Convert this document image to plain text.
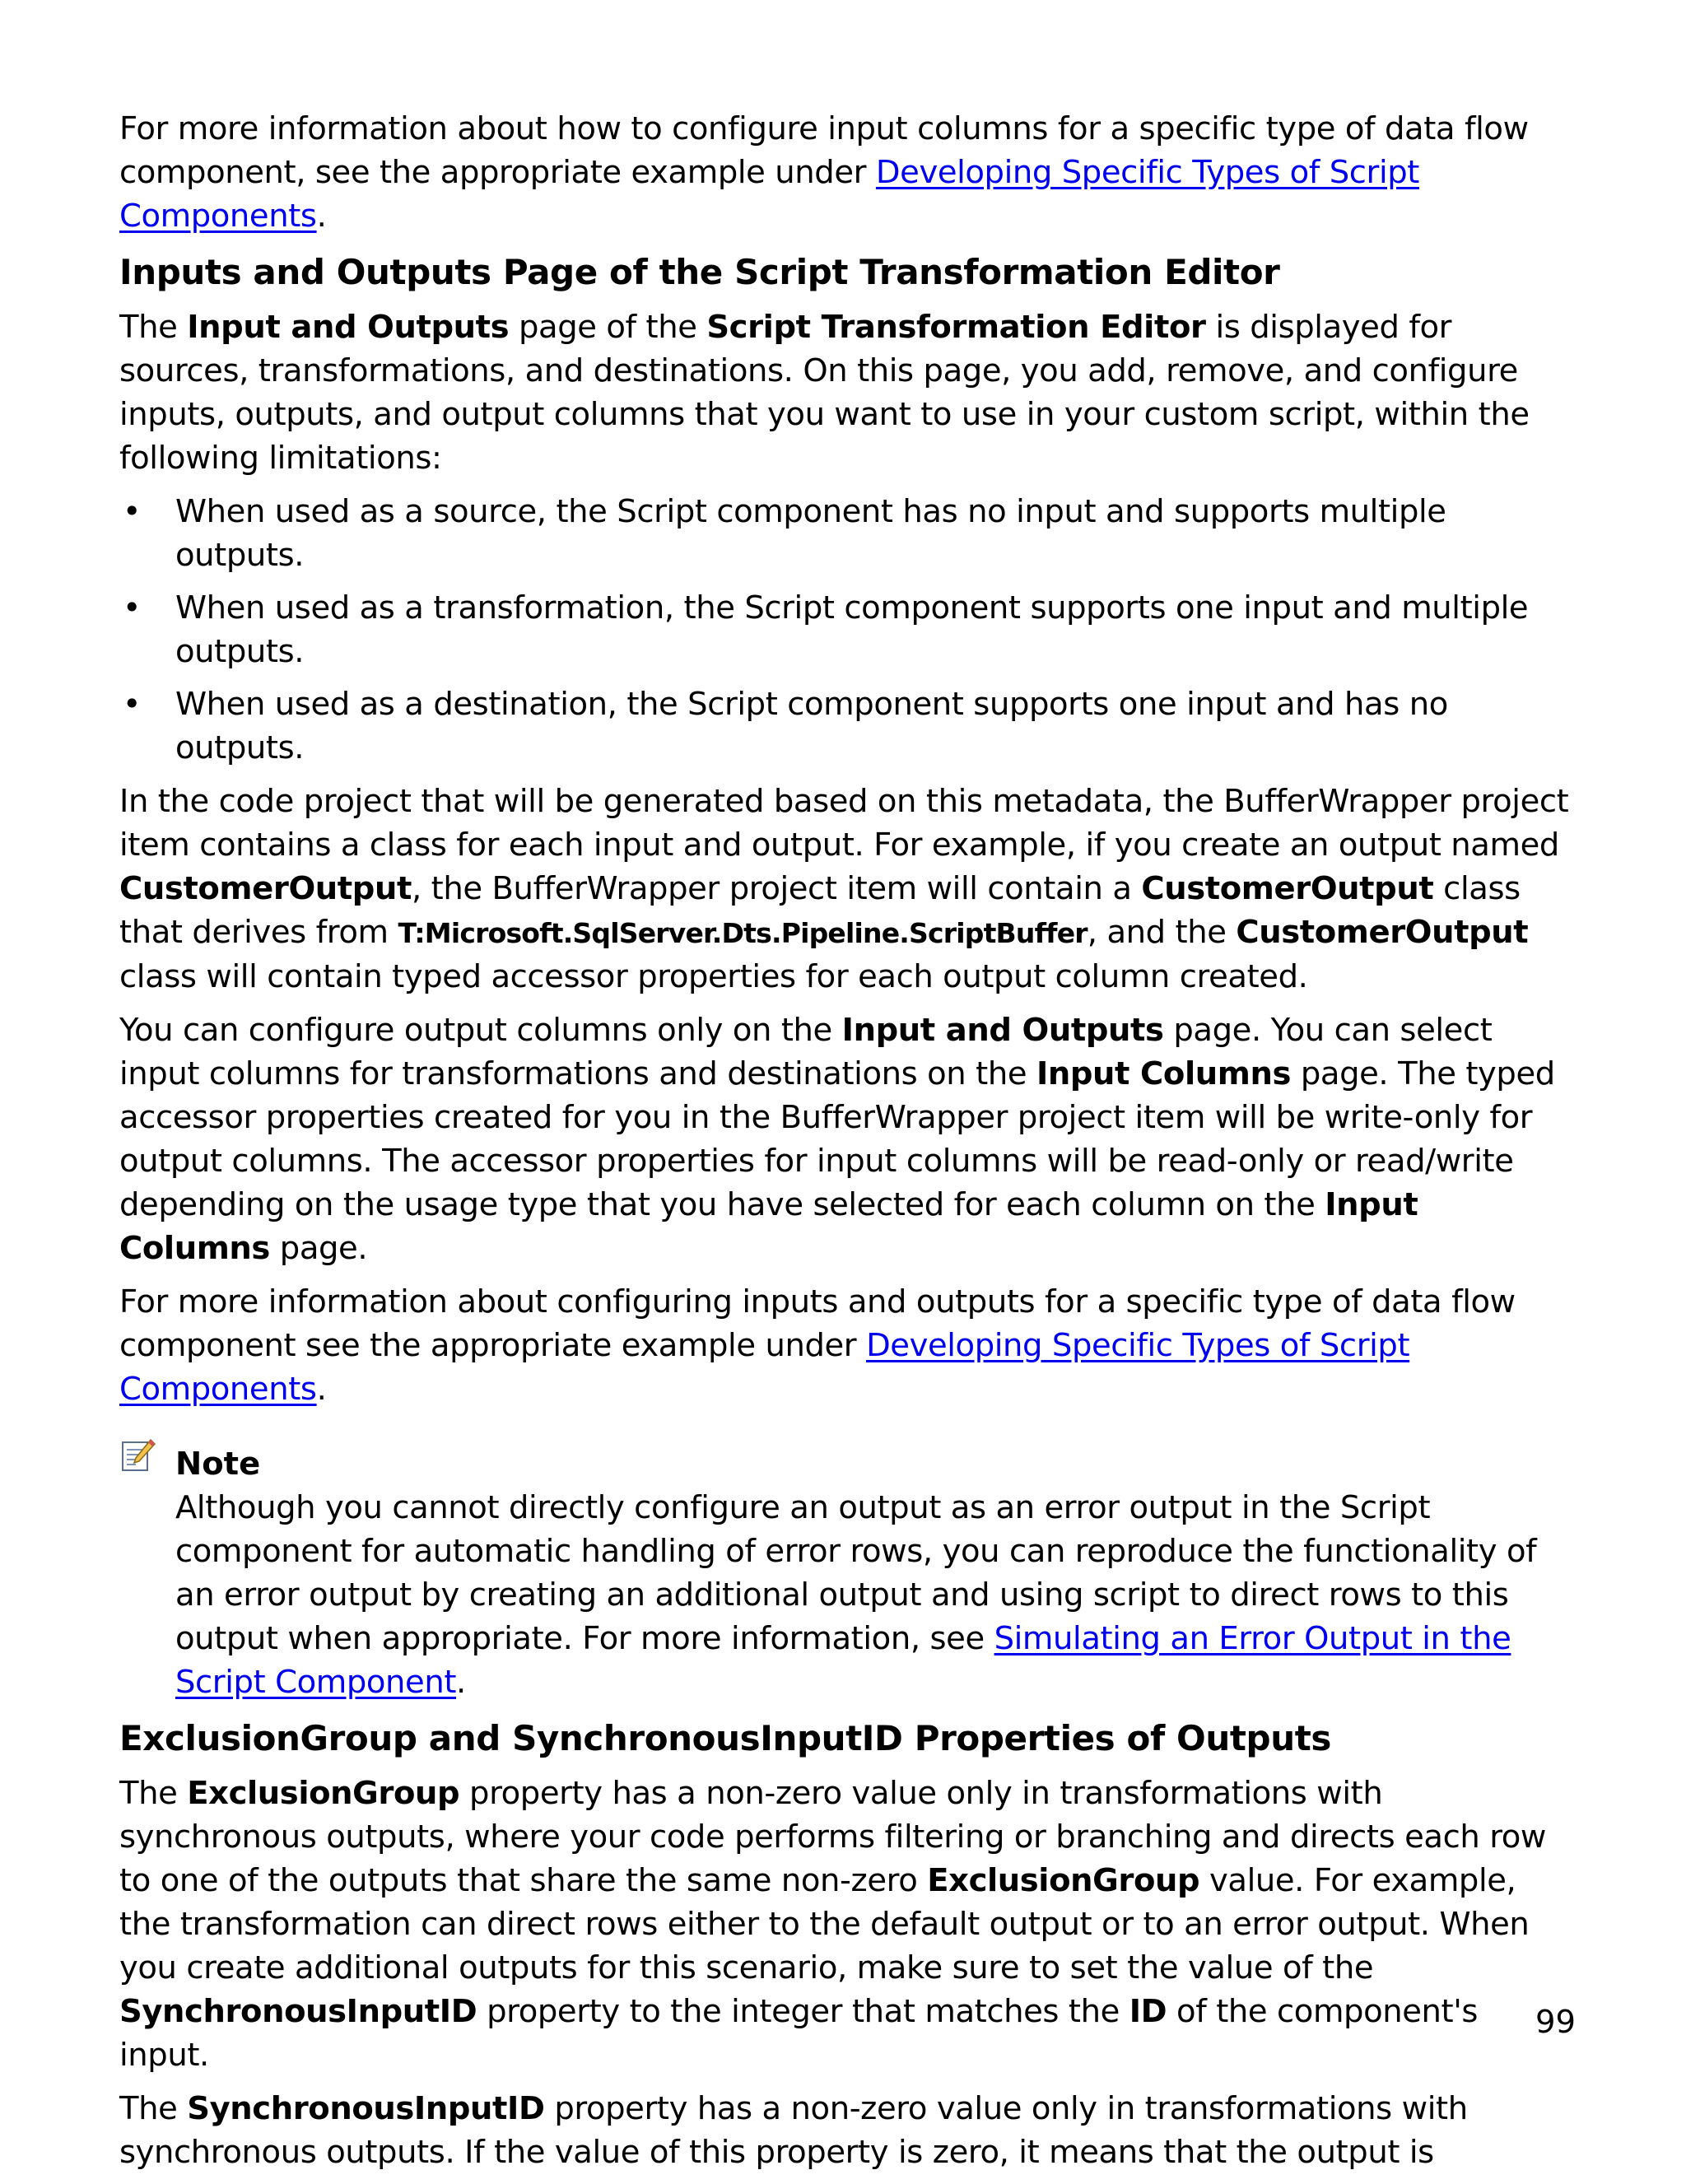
For more information about how to configure input columns for a specific type of data flow component, see the appropriate example under Developing Specific Types of Script Components.

Inputs and Outputs Page of the Script Transformation Editor

The Input and Outputs page of the Script Transformation Editor is displayed for sources, transformations, and destinations. On this page, you add, remove, and configure inputs, outputs, and output columns that you want to use in your custom script, within the following limitations:

• When used as a source, the Script component has no input and supports multiple outputs.
• When used as a transformation, the Script component supports one input and multiple outputs.
• When used as a destination, the Script component supports one input and has no outputs.

In the code project that will be generated based on this metadata, the BufferWrapper project item contains a class for each input and output. For example, if you create an output named CustomerOutput, the BufferWrapper project item will contain a CustomerOutput class that derives from T:Microsoft.SqlServer.Dts.Pipeline.ScriptBuffer, and the CustomerOutput class will contain typed accessor properties for each output column created.

You can configure output columns only on the Input and Outputs page. You can select input columns for transformations and destinations on the Input Columns page. The typed accessor properties created for you in the BufferWrapper project item will be write-only for output columns. The accessor properties for input columns will be read-only or read/write depending on the usage type that you have selected for each column on the Input Columns page.

For more information about configuring inputs and outputs for a specific type of data flow component see the appropriate example under Developing Specific Types of Script Components.

Note

Although you cannot directly configure an output as an error output in the Script component for automatic handling of error rows, you can reproduce the functionality of an error output by creating an additional output and using script to direct rows to this output when appropriate. For more information, see Simulating an Error Output in the Script Component.

ExclusionGroup and SynchronousInputID Properties of Outputs

The ExclusionGroup property has a non-zero value only in transformations with synchronous outputs, where your code performs filtering or branching and directs each row to one of the outputs that share the same non-zero ExclusionGroup value. For example, the transformation can direct rows either to the default output or to an error output. When you create additional outputs for this scenario, make sure to set the value of the SynchronousInputID property to the integer that matches the ID of the component's input.

The SynchronousInputID property has a non-zero value only in transformations with synchronous outputs. If the value of this property is zero, it means that the output is

99
